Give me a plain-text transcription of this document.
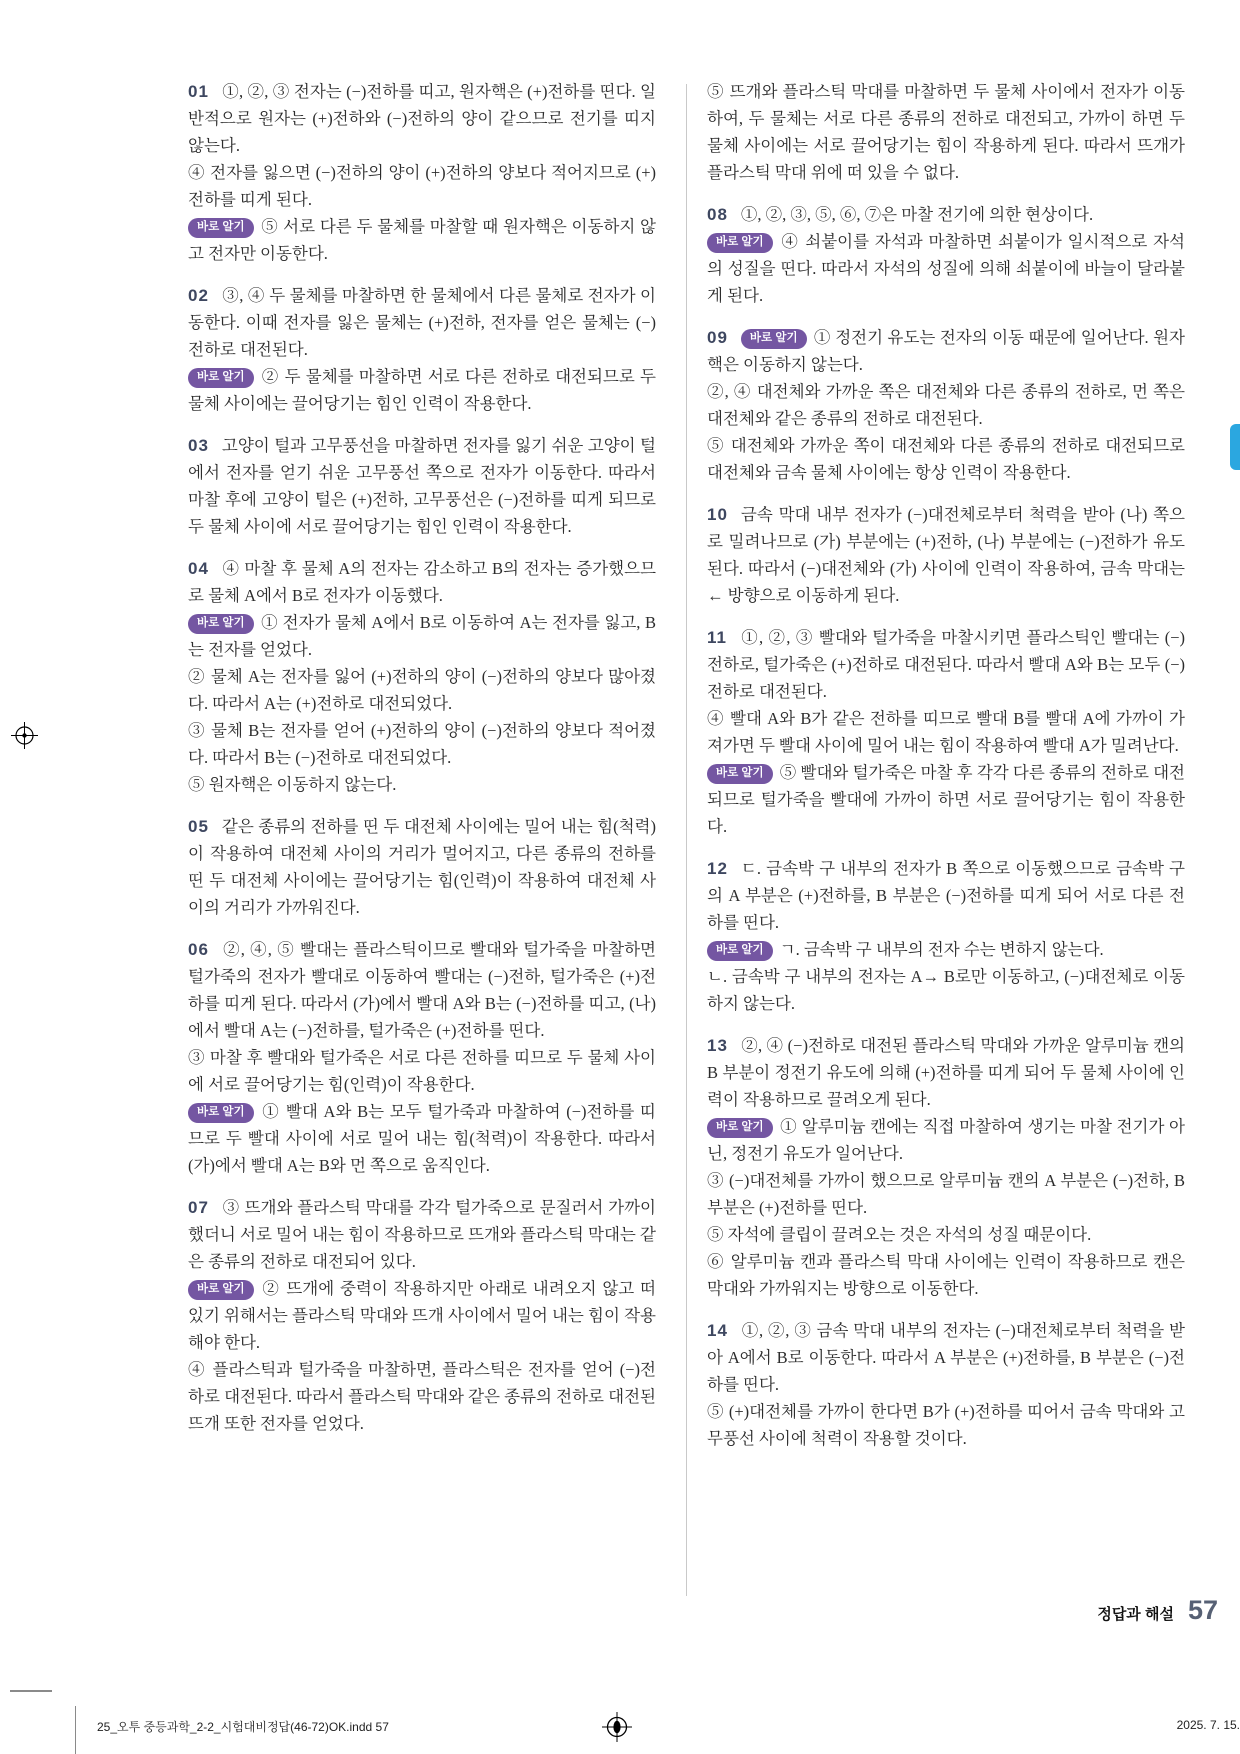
01 ①, ②, ③ 전자는 (−)전하를 띠고, 원자핵은 (+)전하를 띤다. 일반적으로 원자는 (+)전하와 (−)전하의 양이 같으므로 전기를 띠지 않는다.

④ 전자를 잃으면 (−)전하의 양이 (+)전하의 양보다 적어지므로 (+)전하를 띠게 된다.

바로 알기 ⑤ 서로 다른 두 물체를 마찰할 때 원자핵은 이동하지 않고 전자만 이동한다.

02 ③, ④ 두 물체를 마찰하면 한 물체에서 다른 물체로 전자가 이동한다. 이때 전자를 잃은 물체는 (+)전하, 전자를 얻은 물체는 (−)전하로 대전된다.

바로 알기 ② 두 물체를 마찰하면 서로 다른 전하로 대전되므로 두 물체 사이에는 끌어당기는 힘인 인력이 작용한다.

03 고양이 털과 고무풍선을 마찰하면 전자를 잃기 쉬운 고양이 털에서 전자를 얻기 쉬운 고무풍선 쪽으로 전자가 이동한다. 따라서 마찰 후에 고양이 털은 (+)전하, 고무풍선은 (−)전하를 띠게 되므로 두 물체 사이에 서로 끌어당기는 힘인 인력이 작용한다.

04 ④ 마찰 후 물체 A의 전자는 감소하고 B의 전자는 증가했으므로 물체 A에서 B로 전자가 이동했다.

바로 알기 ① 전자가 물체 A에서 B로 이동하여 A는 전자를 잃고, B는 전자를 얻었다.

② 물체 A는 전자를 잃어 (+)전하의 양이 (−)전하의 양보다 많아졌다. 따라서 A는 (+)전하로 대전되었다.

③ 물체 B는 전자를 얻어 (+)전하의 양이 (−)전하의 양보다 적어졌다. 따라서 B는 (−)전하로 대전되었다.

⑤ 원자핵은 이동하지 않는다.

05 같은 종류의 전하를 띤 두 대전체 사이에는 밀어 내는 힘(척력)이 작용하여 대전체 사이의 거리가 멀어지고, 다른 종류의 전하를 띤 두 대전체 사이에는 끌어당기는 힘(인력)이 작용하여 대전체 사이의 거리가 가까워진다.

06 ②, ④, ⑤ 빨대는 플라스틱이므로 빨대와 털가죽을 마찰하면 털가죽의 전자가 빨대로 이동하여 빨대는 (−)전하, 털가죽은 (+)전하를 띠게 된다. 따라서 (가)에서 빨대 A와 B는 (−)전하를 띠고, (나)에서 빨대 A는 (−)전하를, 털가죽은 (+)전하를 띤다.

③ 마찰 후 빨대와 털가죽은 서로 다른 전하를 띠므로 두 물체 사이에 서로 끌어당기는 힘(인력)이 작용한다.

바로 알기 ① 빨대 A와 B는 모두 털가죽과 마찰하여 (−)전하를 띠므로 두 빨대 사이에 서로 밀어 내는 힘(척력)이 작용한다. 따라서 (가)에서 빨대 A는 B와 먼 쪽으로 움직인다.

07 ③ 뜨개와 플라스틱 막대를 각각 털가죽으로 문질러서 가까이 했더니 서로 밀어 내는 힘이 작용하므로 뜨개와 플라스틱 막대는 같은 종류의 전하로 대전되어 있다.

바로 알기 ② 뜨개에 중력이 작용하지만 아래로 내려오지 않고 떠 있기 위해서는 플라스틱 막대와 뜨개 사이에서 밀어 내는 힘이 작용해야 한다.

④ 플라스틱과 털가죽을 마찰하면, 플라스틱은 전자를 얻어 (−)전하로 대전된다. 따라서 플라스틱 막대와 같은 종류의 전하로 대전된 뜨개 또한 전자를 얻었다.

⑤ 뜨개와 플라스틱 막대를 마찰하면 두 물체 사이에서 전자가 이동하여, 두 물체는 서로 다른 종류의 전하로 대전되고, 가까이 하면 두 물체 사이에는 서로 끌어당기는 힘이 작용하게 된다. 따라서 뜨개가 플라스틱 막대 위에 떠 있을 수 없다.

08 ①, ②, ③, ⑤, ⑥, ⑦은 마찰 전기에 의한 현상이다.

바로 알기 ④ 쇠붙이를 자석과 마찰하면 쇠붙이가 일시적으로 자석의 성질을 띤다. 따라서 자석의 성질에 의해 쇠붙이에 바늘이 달라붙게 된다.

09 바로 알기 ① 정전기 유도는 전자의 이동 때문에 일어난다. 원자핵은 이동하지 않는다.

②, ④ 대전체와 가까운 쪽은 대전체와 다른 종류의 전하로, 먼 쪽은 대전체와 같은 종류의 전하로 대전된다.

⑤ 대전체와 가까운 쪽이 대전체와 다른 종류의 전하로 대전되므로 대전체와 금속 물체 사이에는 항상 인력이 작용한다.

10 금속 막대 내부 전자가 (−)대전체로부터 척력을 받아 (나) 쪽으로 밀려나므로 (가) 부분에는 (+)전하, (나) 부분에는 (−)전하가 유도된다. 따라서 (−)대전체와 (가) 사이에 인력이 작용하여, 금속 막대는 ← 방향으로 이동하게 된다.

11 ①, ②, ③ 빨대와 털가죽을 마찰시키면 플라스틱인 빨대는 (−)전하로, 털가죽은 (+)전하로 대전된다. 따라서 빨대 A와 B는 모두 (−)전하로 대전된다.

④ 빨대 A와 B가 같은 전하를 띠므로 빨대 B를 빨대 A에 가까이 가져가면 두 빨대 사이에 밀어 내는 힘이 작용하여 빨대 A가 밀려난다.

바로 알기 ⑤ 빨대와 털가죽은 마찰 후 각각 다른 종류의 전하로 대전되므로 털가죽을 빨대에 가까이 하면 서로 끌어당기는 힘이 작용한다.

12 ㄷ. 금속박 구 내부의 전자가 B 쪽으로 이동했으므로 금속박 구의 A 부분은 (+)전하를, B 부분은 (−)전하를 띠게 되어 서로 다른 전하를 띤다.

바로 알기 ㄱ. 금속박 구 내부의 전자 수는 변하지 않는다.

ㄴ. 금속박 구 내부의 전자는 A→ B로만 이동하고, (−)대전체로 이동하지 않는다.

13 ②, ④ (−)전하로 대전된 플라스틱 막대와 가까운 알루미늄 캔의 B 부분이 정전기 유도에 의해 (+)전하를 띠게 되어 두 물체 사이에 인력이 작용하므로 끌려오게 된다.

바로 알기 ① 알루미늄 캔에는 직접 마찰하여 생기는 마찰 전기가 아닌, 정전기 유도가 일어난다.

③ (−)대전체를 가까이 했으므로 알루미늄 캔의 A 부분은 (−)전하, B 부분은 (+)전하를 띤다.

⑤ 자석에 클립이 끌려오는 것은 자석의 성질 때문이다.

⑥ 알루미늄 캔과 플라스틱 막대 사이에는 인력이 작용하므로 캔은 막대와 가까워지는 방향으로 이동한다.

14 ①, ②, ③ 금속 막대 내부의 전자는 (−)대전체로부터 척력을 받아 A에서 B로 이동한다. 따라서 A 부분은 (+)전하를, B 부분은 (−)전하를 띤다.

⑤ (+)대전체를 가까이 한다면 B가 (+)전하를 띠어서 금속 막대와 고무풍선 사이에 척력이 작용할 것이다.

정답과 해설 57
25_오투 중등과학_2-2_시험대비정답(46-72)OK.indd 57	2025. 7. 15.
